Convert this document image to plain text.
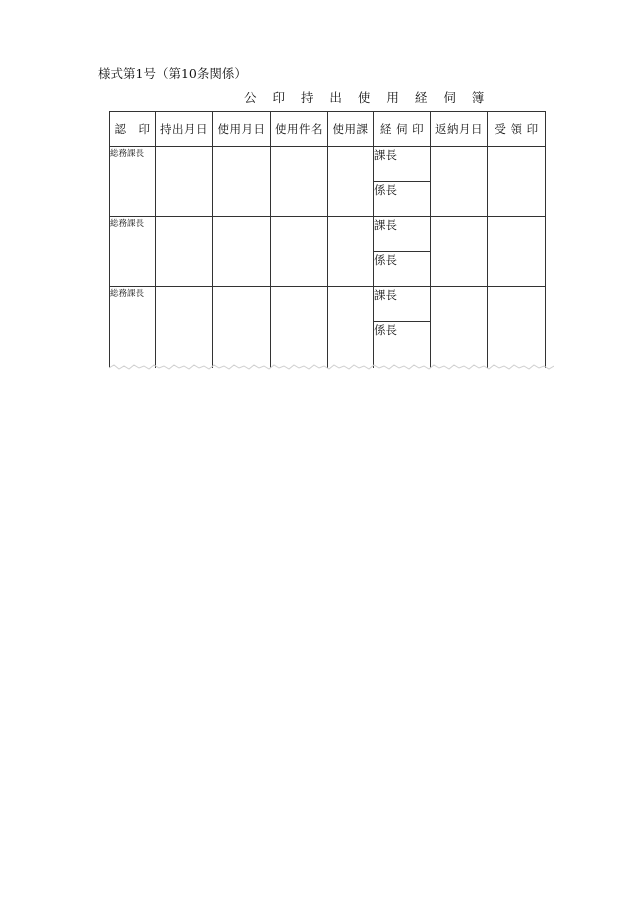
様式第1号（第10条関係）
公 印 持 出 使 用 経 伺 簿
認　印	持出月日	使用月日	使用件名	使用課	経 伺 印	返納月日	受 領 印
総務課長					課長		
					係長		
総務課長					課長		
					係長		
総務課長					課長		
					係長		
